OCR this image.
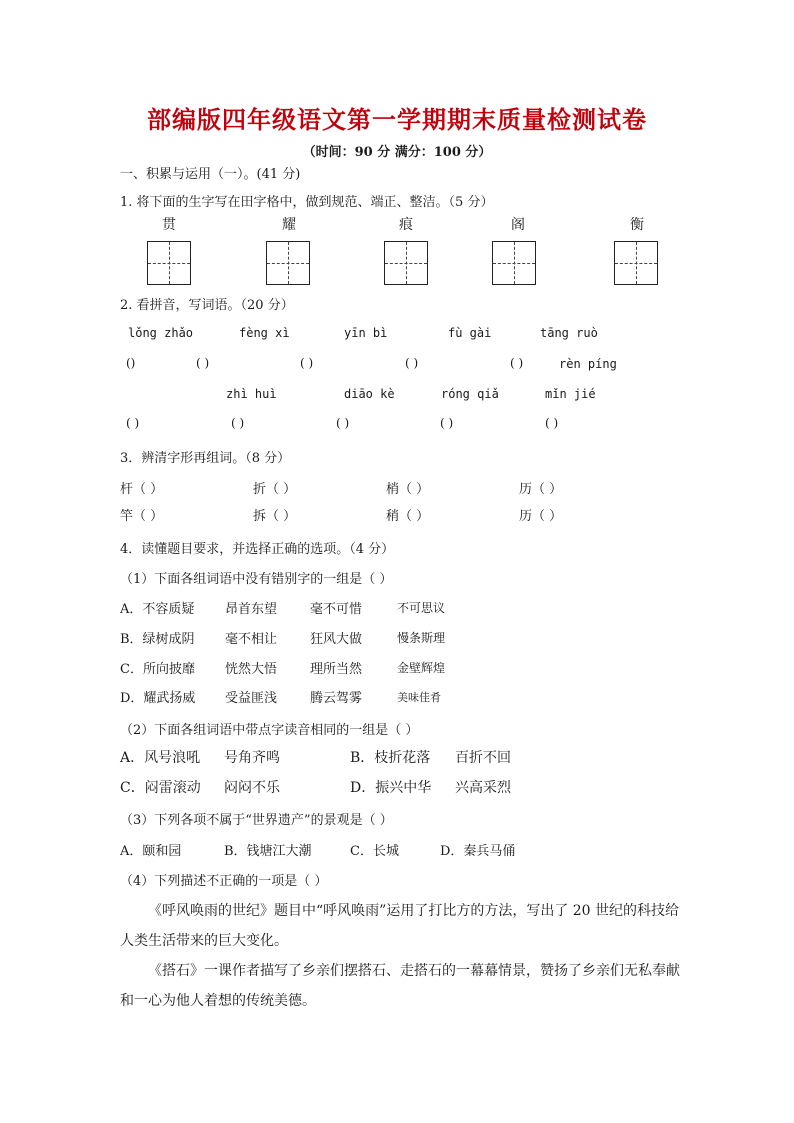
部编版四年级语文第一学期期末质量检测试卷
（时间：90 分 满分：100 分）
一、积累与运用（一）。(41 分)
1. 将下面的生字写在田字格中，做到规范、端正、整洁。（5 分）
贯	耀	痕	阁	衡
2. 看拼音，写词语。（20 分）
lǒng zhǎo	fèng xì	yīn bì	fù gài	tāng ruò
()	( )	( )	( )	( )	rèn píng
zhì huì	diāo kè	róng qiǎ	mǐn jié
( )	( )	( )	( )	( )
3．辨清字形再组词。（8 分）
杆（ ）	折（ ）	梢（ ）	历（ ）
竿（ ）	拆（ ）	稍（ ）	历（ ）
4．读懂题目要求，并选择正确的选项。（4 分）
（1）下面各组词语中没有错别字的一组是（ ）
A．不容质疑 昂首东望	毫不可惜	不可思议
B．绿树成阴 毫不相让	狂风大做	慢条斯理
C．所向披靡 恍然大悟	理所当然	金壁辉煌
D．耀武扬威 受益匪浅	腾云驾雾	美味佳肴
（2）下面各组词语中带点字读音相同的一组是（ ）
A．风号浪吼 号角齐鸣	B．枝折花落 百折不回
C．闷雷滚动 闷闷不乐	D．振兴中华 兴高采烈
（3）下列各项不属于“世界遗产”的景观是（ ）
A．颐和园	B．钱塘江大潮	C．长城	D．秦兵马俑
（4）下列描述不正确的一项是（ ）
《呼风唤雨的世纪》题目中“呼风唤雨”运用了打比方的方法，写出了 20 世纪的科技给人类生活带来的巨大变化。
《搭石》一课作者描写了乡亲们摆搭石、走搭石的一幕幕情景，赞扬了乡亲们无私奉献和一心为他人着想的传统美德。
